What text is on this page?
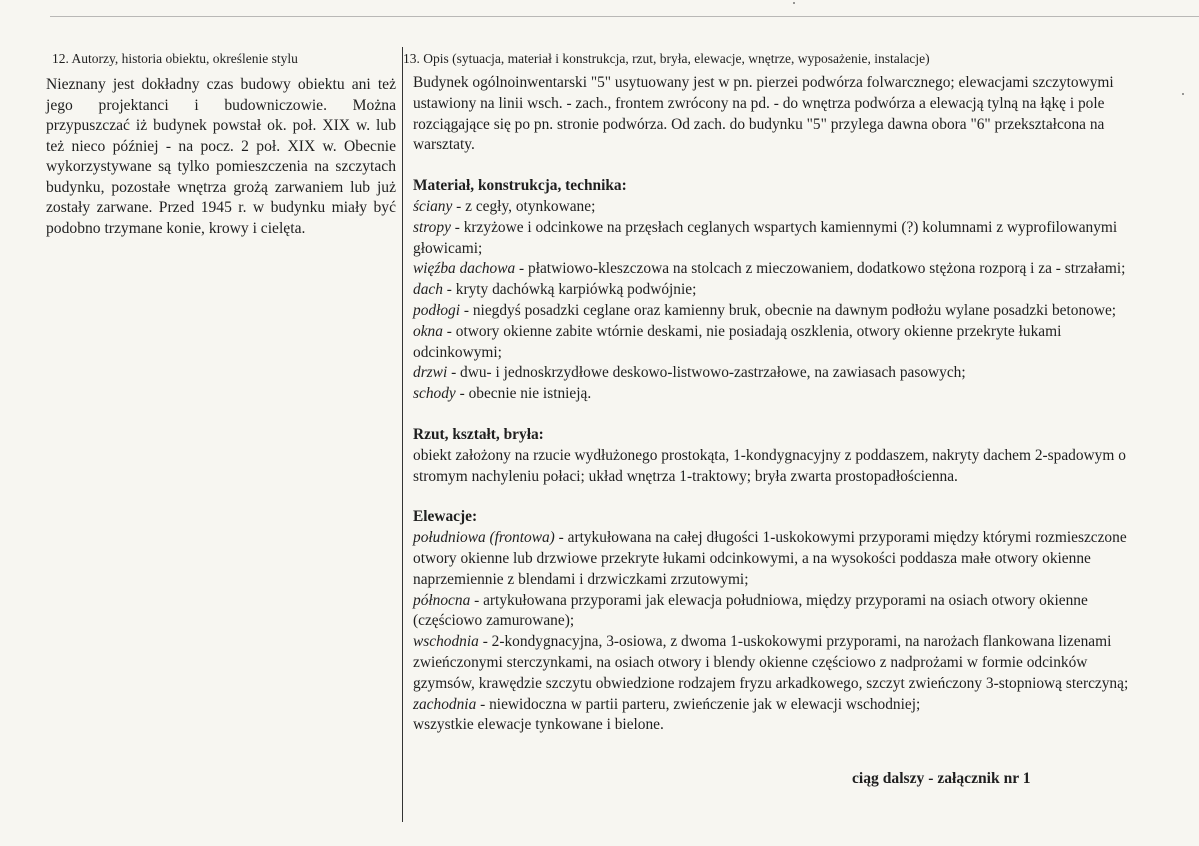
12. Autorzy, historia obiektu, określenie stylu
Nieznany jest dokładny czas budowy obiektu ani też jego projektanci i budowniczowie. Można przypuszczać iż budynek powstał ok. poł. XIX w. lub też nieco później - na pocz. 2 poł. XIX w. Obecnie wykorzystywane są tylko pomieszczenia na szczytach budynku, pozostałe wnętrza grożą zarwaniem lub już zostały zarwane. Przed 1945 r. w budynku miały być podobno trzymane konie, krowy i cielęta.
13. Opis (sytuacja, materiał i konstrukcja, rzut, bryła, elewacje, wnętrze, wyposażenie, instalacje)

Budynek ogólnoinwentarski "5" usytuowany jest w pn. pierzei podwórza folwarcznego; elewacjami szczytowymi ustawiony na linii wsch. - zach., frontem zwrócony na pd. - do wnętrza podwórza a elewacją tylną na łąkę i pole rozciągające się po pn. stronie podwórza. Od zach. do budynku "5" przylega dawna obora "6" przekształcona na warsztaty.

Materiał, konstrukcja, technika:

ściany - z cegły, otynkowane;

stropy - krzyżowe i odcinkowe na przęsłach ceglanych wspartych kamiennymi (?) kolumnami z wyprofilowanymi głowicami;

więźba dachowa - płatwiowo-kleszczowa na stolcach z mieczowaniem, dodatkowo stężona rozporą i za - strzałami;

dach - kryty dachówką karpiówką podwójnie;

podłogi - niegdyś posadzki ceglane oraz kamienny bruk, obecnie na dawnym podłożu wylane posadzki betonowe;

okna - otwory okienne zabite wtórnie deskami, nie posiadają oszklenia, otwory okienne przekryte łukami odcinkowymi;

drzwi - dwu- i jednoskrzydłowe deskowo-listwowo-zastrzałowe, na zawiasach pasowych;

schody - obecnie nie istnieją.

Rzut, kształt, bryła:

obiekt założony na rzucie wydłużonego prostokąta, 1-kondygnacyjny z poddaszem, nakryty dachem 2-spadowym o stromym nachyleniu połaci; układ wnętrza 1-traktowy; bryła zwarta prostopadłościenna.

Elewacje:

południowa (frontowa) - artykułowana na całej długości 1-uskokowymi przyporami między którymi rozmieszczone otwory okienne lub drzwiowe przekryte łukami odcinkowymi, a na wysokości poddasza małe otwory okienne naprzemiennie z blendami i drzwiczkami zrzutowymi;

północna - artykułowana przyporami jak elewacja południowa, między przyporami na osiach otwory okienne (częściowo zamurowane);

wschodnia - 2-kondygnacyjna, 3-osiowa, z dwoma 1-uskokowymi przyporami, na narożach flankowana lizenami zwieńczonymi sterczynkami, na osiach otwory i blendy okienne częściowo z nadprożami w formie odcinków gzymsów, krawędzie szczytu obwiedzione rodzajem fryzu arkadkowego, szczyt zwieńczony 3-stopniową sterczyną;

zachodnia - niewidoczna w partii parteru, zwieńczenie jak w elewacji wschodniej;

wszystkie elewacje tynkowane i bielone.

ciąg dalszy - załącznik nr 1
